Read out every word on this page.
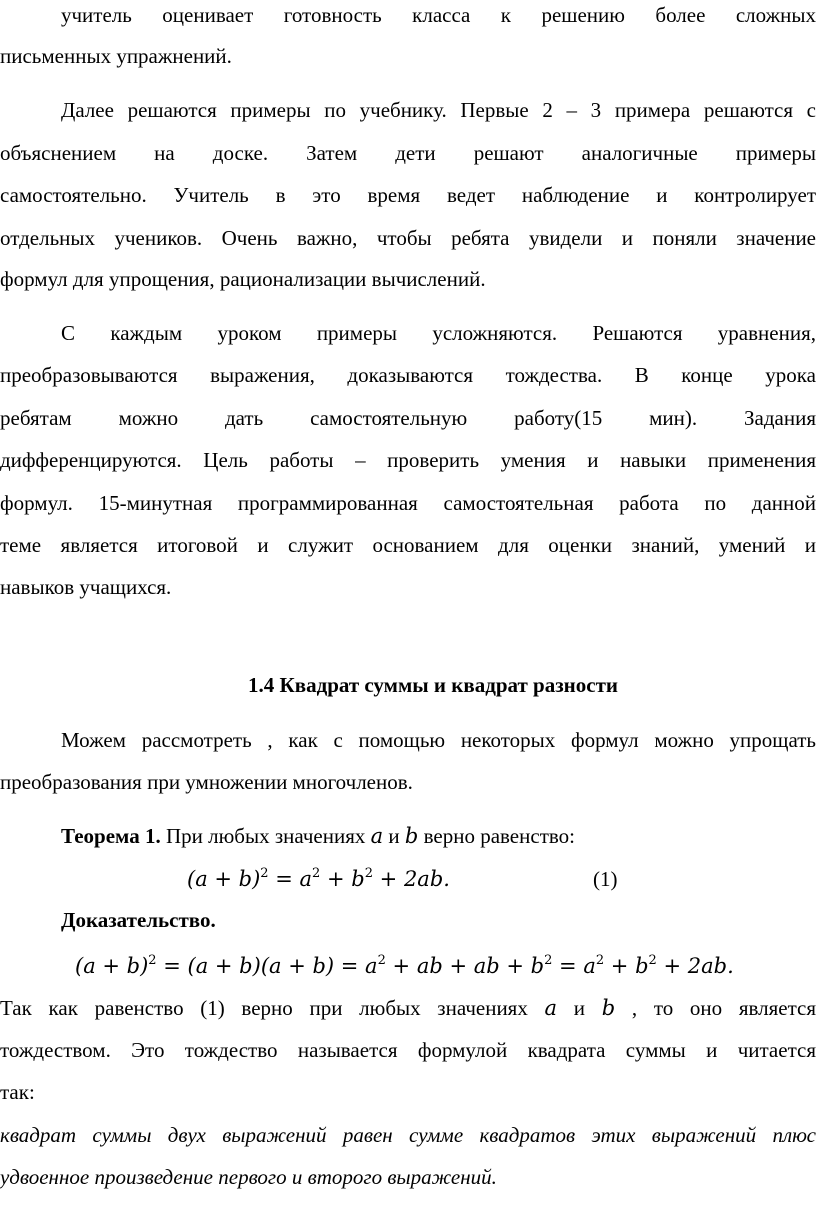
учитель оценивает готовность класса к решению более сложных
письменных упражнений.
Далее решаются примеры по учебнику. Первые 2 – 3 примера решаются с
объяснением на доске. Затем дети решают аналогичные примеры
самостоятельно. Учитель в это время ведет наблюдение и контролирует
отдельных учеников. Очень важно, чтобы ребята увидели и поняли значение
формул для упрощения, рационализации вычислений.
С каждым уроком примеры усложняются. Решаются уравнения,
преобразовываются выражения, доказываются тождества. В конце урока
ребятам можно дать самостоятельную работу(15 мин). Задания
дифференцируются. Цель работы – проверить умения и навыки применения
формул. 15-минутная программированная самостоятельная работа по данной
теме является итоговой и служит основанием для оценки знаний, умений и
навыков учащихся.
1.4 Квадрат суммы и квадрат разности
Можем рассмотреть , как с помощью некоторых формул можно упрощать
преобразования при умножении многочленов.
Теорема 1. При любых значениях a и b верно равенство:
$(a + b)^2 = a^2 + b^2 + 2ab$.	(1)
Доказательство.
$(a + b)^2 = (a + b)(a + b) = a^2$ + ab + ab + $b^2 = a^2 + b^2 + 2ab$.
Так как равенство (1) верно при любых значениях a и b , то оно является
тождеством. Это тождество называется формулой квадрата суммы и читается
так:
квадрат суммы двух выражений равен сумме квадратов этих выражений плюс
удвоенное произведение первого и второго выражений.
